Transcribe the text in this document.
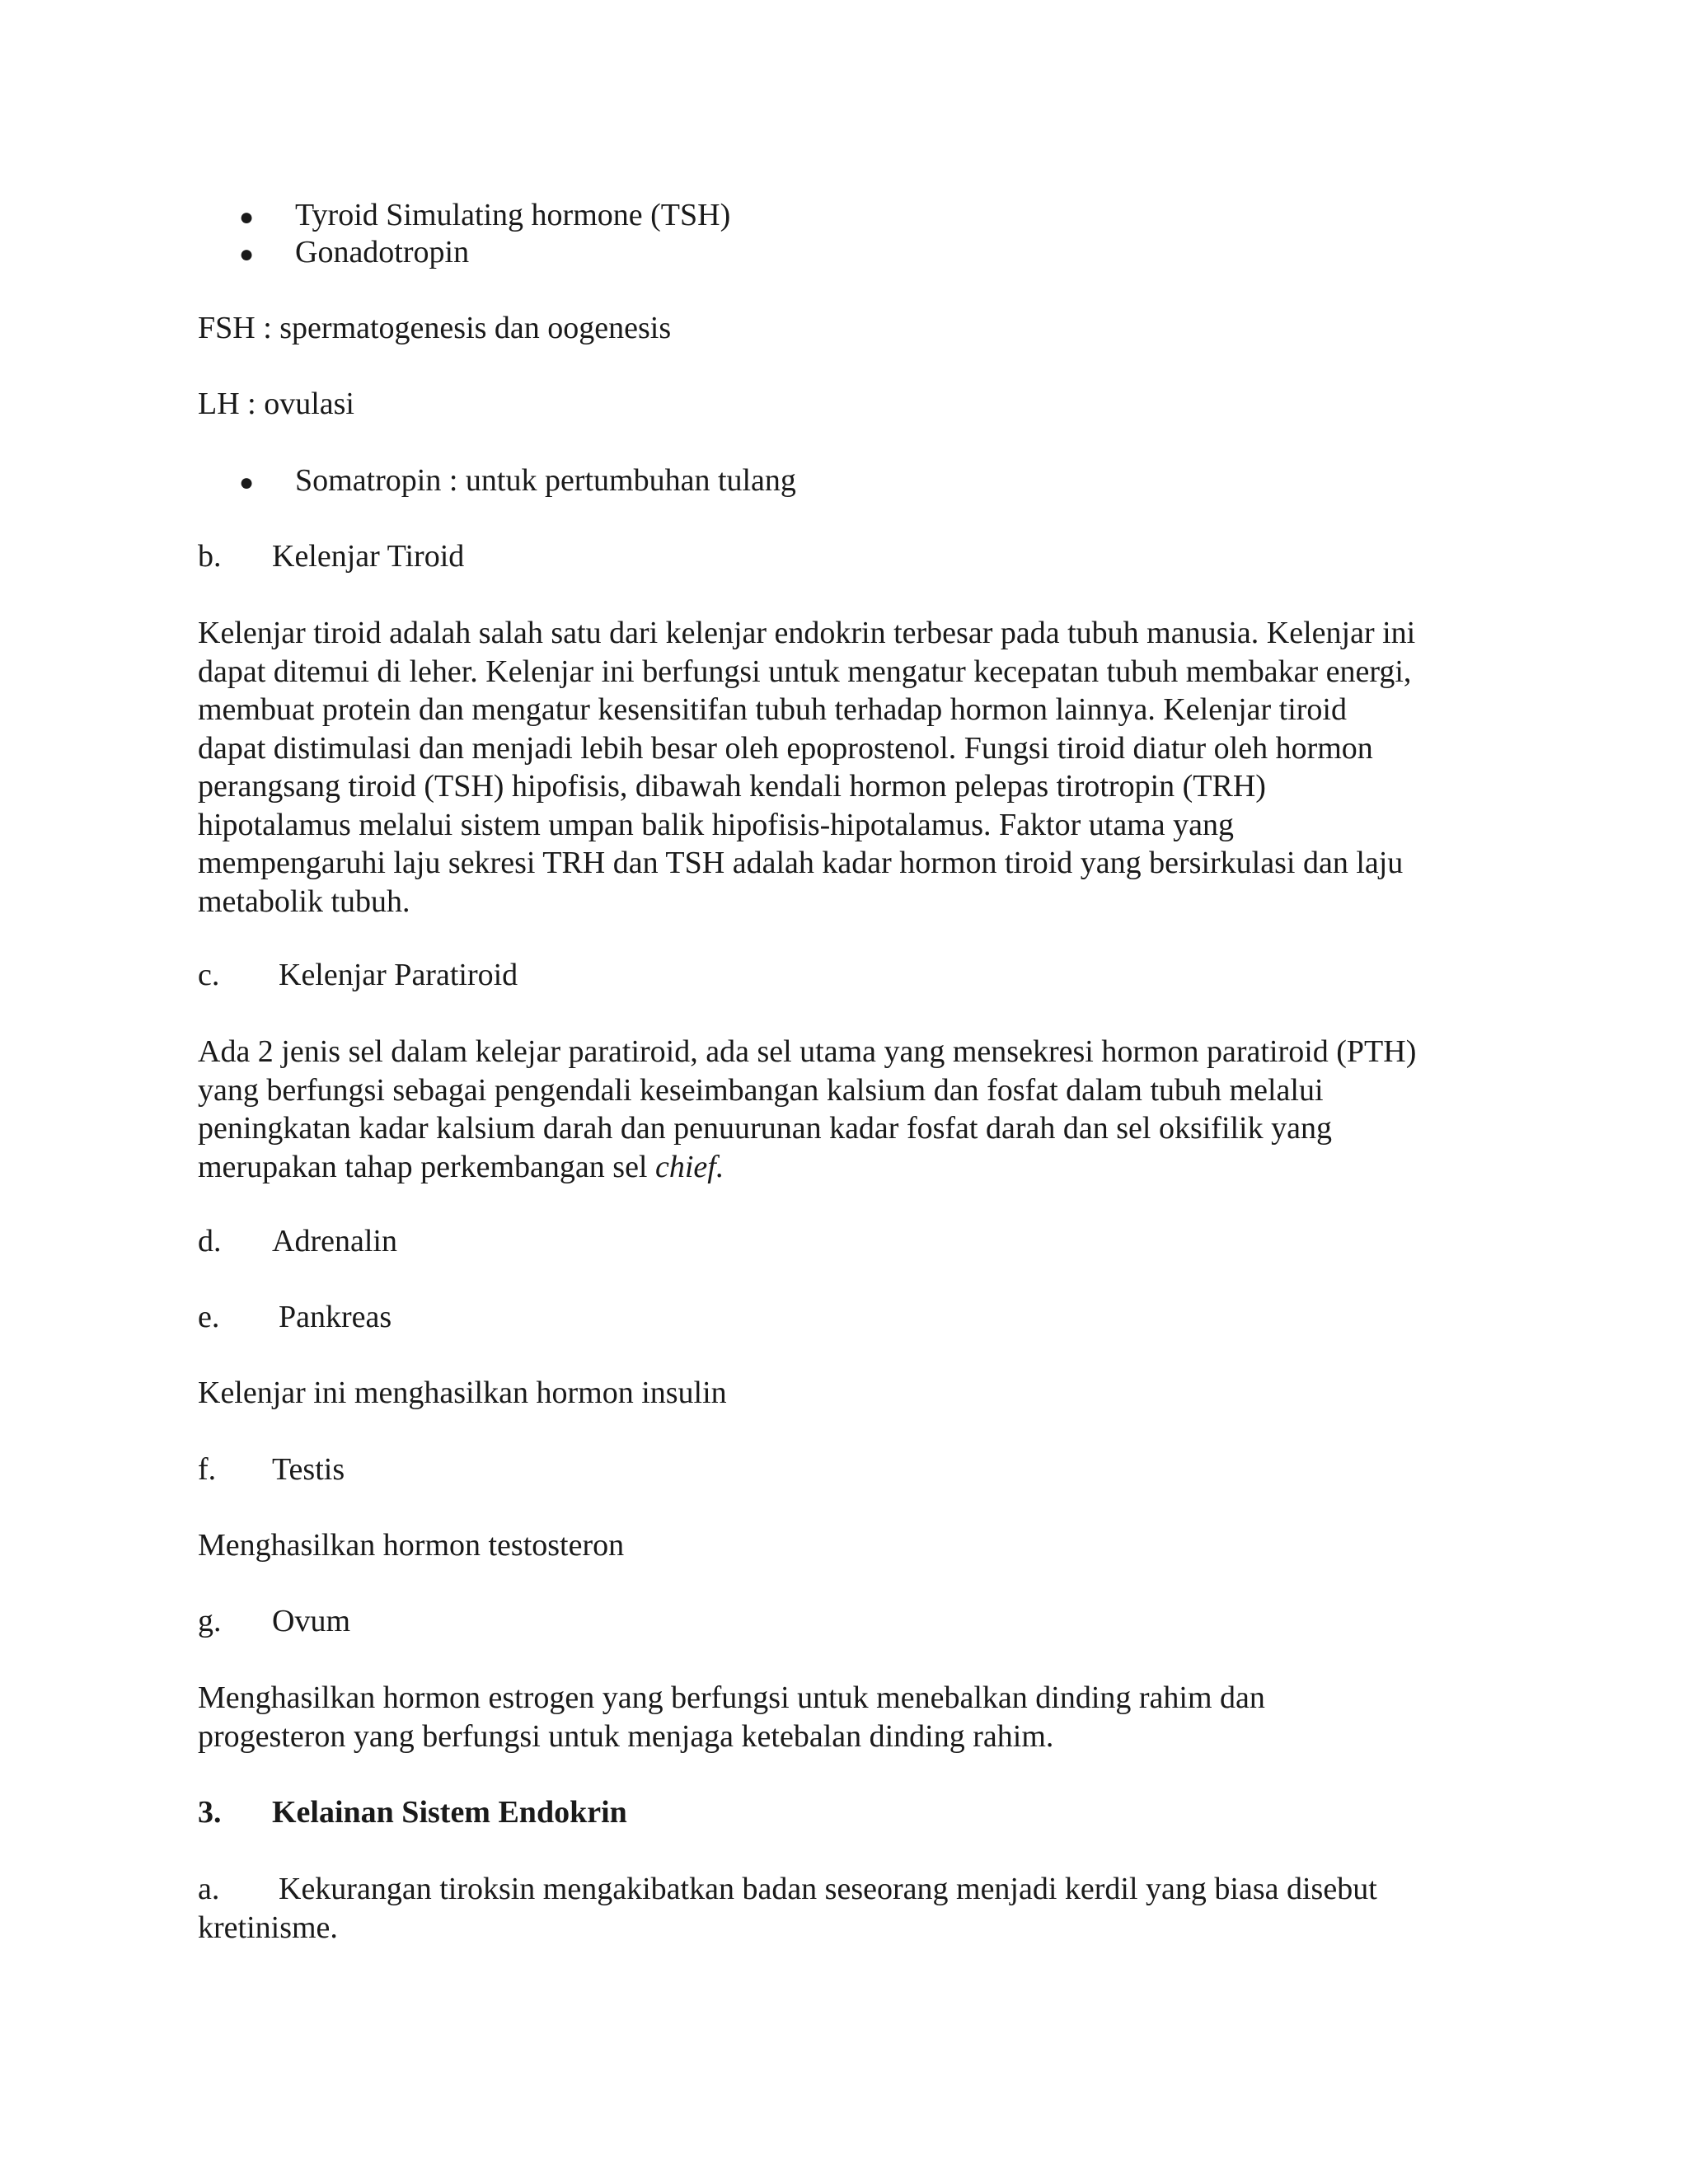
●	Tyroid Simulating hormone (TSH)
●	Gonadotropin
FSH : spermatogenesis dan oogenesis
LH : ovulasi
●	Somatropin : untuk pertumbuhan tulang
b.	Kelenjar Tiroid
Kelenjar tiroid adalah salah satu dari kelenjar endokrin terbesar pada tubuh manusia. Kelenjar ini
dapat ditemui di leher. Kelenjar ini berfungsi untuk mengatur kecepatan tubuh membakar energi,
membuat protein dan mengatur kesensitifan tubuh terhadap hormon lainnya. Kelenjar tiroid
dapat distimulasi dan menjadi lebih besar oleh epoprostenol. Fungsi tiroid diatur oleh hormon
perangsang tiroid (TSH) hipofisis, dibawah kendali hormon pelepas tirotropin (TRH)
hipotalamus melalui sistem umpan balik hipofisis-hipotalamus. Faktor utama yang
mempengaruhi laju sekresi TRH dan TSH adalah kadar hormon tiroid yang bersirkulasi dan laju
metabolik tubuh.
c.	Kelenjar Paratiroid
Ada 2 jenis sel dalam kelejar paratiroid, ada sel utama yang mensekresi hormon paratiroid (PTH)
yang berfungsi sebagai pengendali keseimbangan kalsium dan fosfat dalam tubuh melalui
peningkatan kadar kalsium darah dan penuurunan kadar fosfat darah dan sel oksifilik yang
merupakan tahap perkembangan sel chief.
d.	Adrenalin
e.	Pankreas
Kelenjar ini menghasilkan hormon insulin
f.	Testis
Menghasilkan hormon testosteron
g.	Ovum
Menghasilkan hormon estrogen yang berfungsi untuk menebalkan dinding rahim dan
progesteron yang berfungsi untuk menjaga ketebalan dinding rahim.
3.	Kelainan Sistem Endokrin
a. Kekurangan tiroksin mengakibatkan badan seseorang menjadi kerdil yang biasa disebut
kretinisme.
